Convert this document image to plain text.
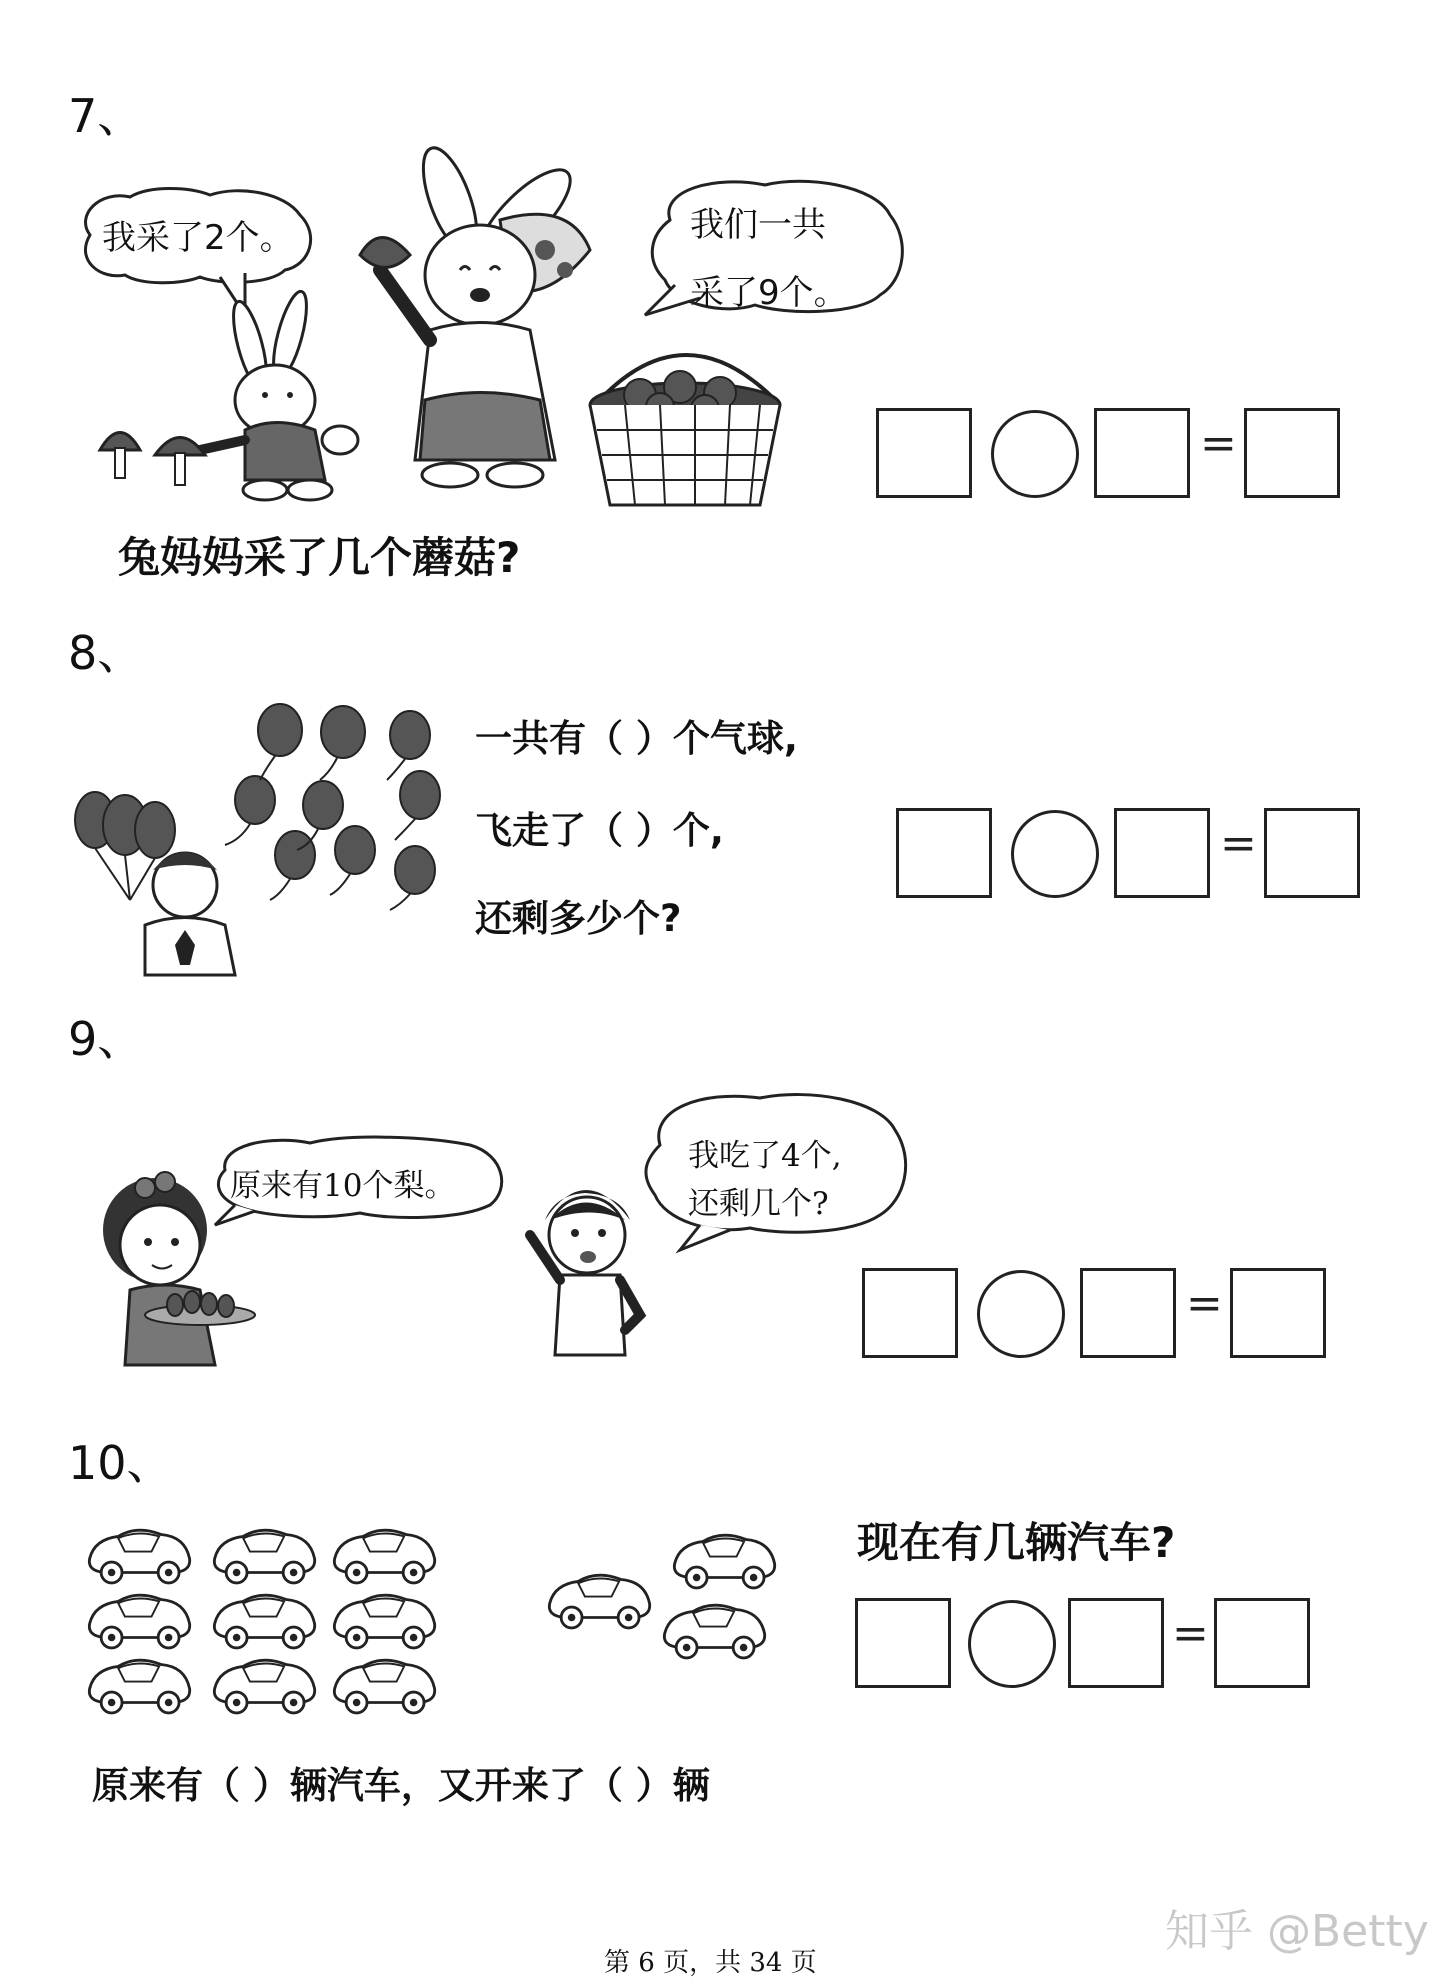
7、
我采了2个。	我们一共
采了9个。
兔妈妈采了几个蘑菇?
=
8、
一共有（ ）个气球,
飞走了（ ）个,
还剩多少个?
=
9、
原来有10个梨。
我吃了4个,
还剩几个?
=
10、
现在有几辆汽车?
=
原来有（ ）辆汽车，又开来了（ ）辆
知乎 @Betty
第 6 页，共 34 页
